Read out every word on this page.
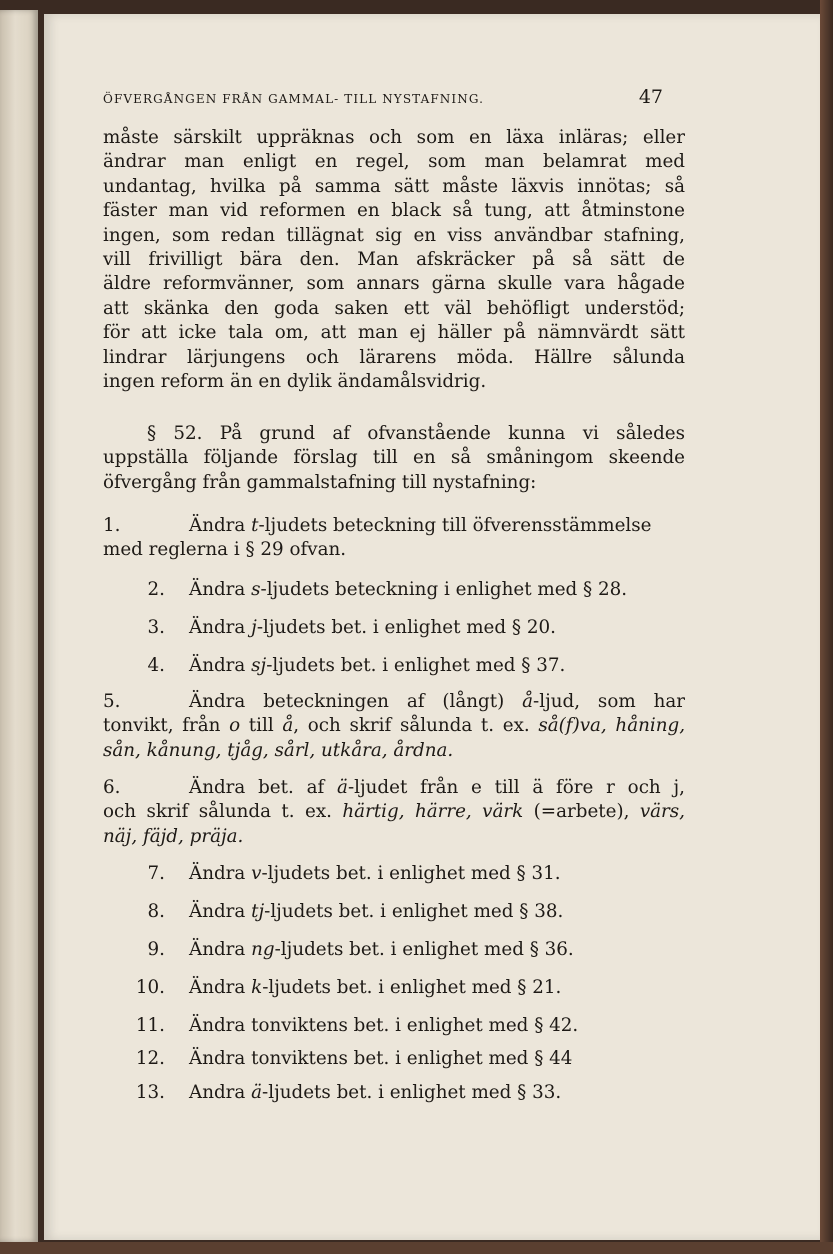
ÖFVERGÅNGEN FRÅN GAMMAL- TILL NYSTAFNING.	47
måste särskilt uppräknas och som en läxa inläras; eller
ändrar man enligt en regel, som man belamrat med
undantag, hvilka på samma sätt måste läxvis innötas; så
fäster man vid reformen en black så tung, att åtminstone
ingen, som redan tillägnat sig en viss användbar stafning,
vill frivilligt bära den. Man afskräcker på så sätt de
äldre reformvänner, som annars gärna skulle vara hågade
att skänka den goda saken ett väl behöfligt understöd;
för att icke tala om, att man ej häller på nämnvärdt sätt
lindrar lärjungens och lärarens möda. Hällre sålunda
ingen reform än en dylik ändamålsvidrig.
§ 52. På grund af ofvanstående kunna vi således
uppställa följande förslag till en så småningom skeende
öfvergång från gammalstafning till nystafning:
1.	Ändra t-ljudets beteckning till öfverensstämmelse
med reglerna i § 29 ofvan.
2. Ändra s-ljudets beteckning i enlighet med § 28.
3. Ändra j-ljudets bet. i enlighet med § 20.
4. Ändra sj-ljudets bet. i enlighet med § 37.
5.	Ändra beteckningen af (långt) å-ljud, som har
tonvikt, från o till å, och skrif sålunda t. ex. så(f)va, håning,
sån, kånung, tjåg, sårl, utkåra, årdna.
6.	Ändra bet. af ä-ljudet från e till ä före r och j,
och skrif sålunda t. ex. härtig, härre, värk (=arbete), värs,
näj, fäjd, präja.
7. Ändra v-ljudets bet. i enlighet med § 31.
8. Ändra tj-ljudets bet. i enlighet med § 38.
9. Ändra ng-ljudets bet. i enlighet med § 36.
10. Ändra k-ljudets bet. i enlighet med § 21.
11. Ändra tonviktens bet. i enlighet med § 42.
12. Ändra tonviktens bet. i enlighet med § 44
13. Andra ä-ljudets bet. i enlighet med § 33.
